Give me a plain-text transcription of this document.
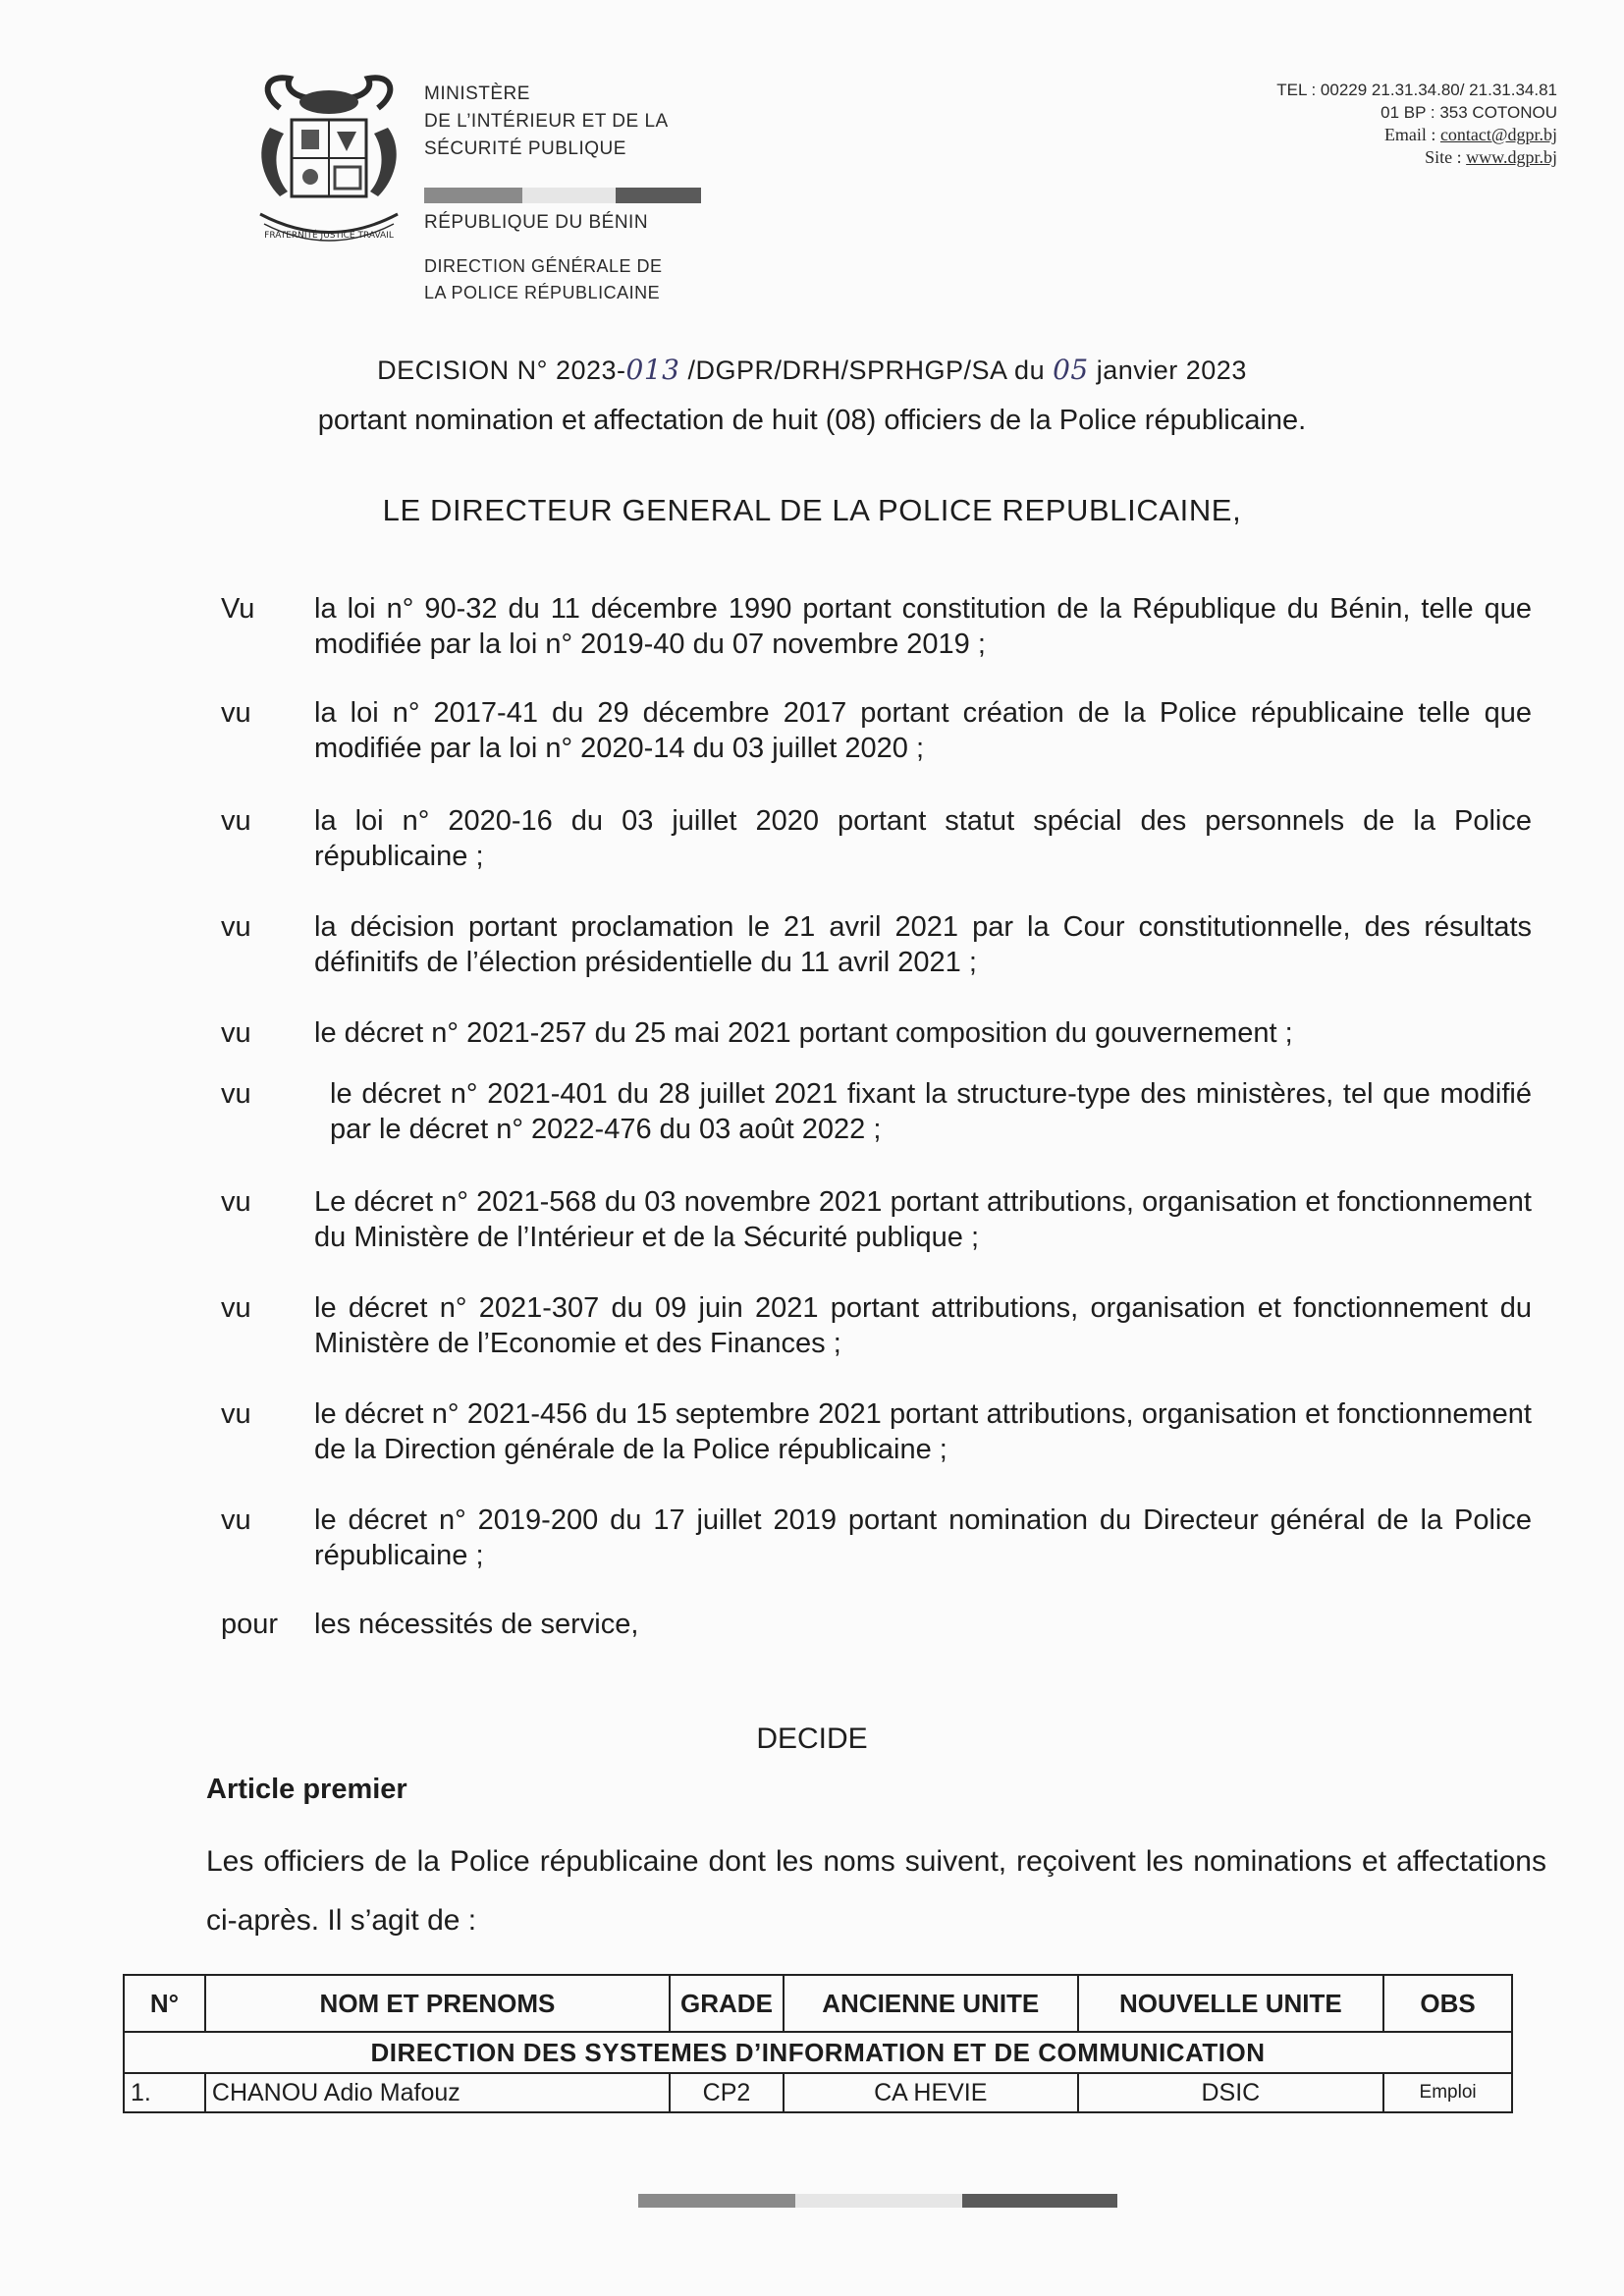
FRATERNITÉ JUSTICE TRAVAIL
MINISTÈRE
DE L’INTÉRIEUR ET DE LA
SÉCURITÉ PUBLIQUE
RÉPUBLIQUE DU BÉNIN
DIRECTION GÉNÉRALE DE
LA POLICE RÉPUBLICAINE
TEL : 00229 21.31.34.80/ 21.31.34.81
01 BP : 353 COTONOU
Email : contact@dgpr.bj
Site : www.dgpr.bj
DECISION N° 2023-013 /DGPR/DRH/SPRHGP/SA du 05 janvier 2023
portant nomination et affectation de huit (08) officiers de la Police républicaine.
LE DIRECTEUR GENERAL DE LA POLICE REPUBLICAINE,
Vu	la loi n° 90-32 du 11 décembre 1990 portant constitution de la République du Bénin, telle que modifiée par la loi n° 2019-40 du 07 novembre 2019 ;
vu	la loi n° 2017-41 du 29 décembre 2017 portant création de la Police républicaine telle que modifiée par la loi n° 2020-14 du 03 juillet 2020 ;
vu	la loi n° 2020-16 du 03 juillet 2020 portant statut spécial des personnels de la Police républicaine ;
vu	la décision portant proclamation le 21 avril 2021 par la Cour constitutionnelle, des résultats définitifs de l’élection présidentielle du 11 avril 2021 ;
vu	le décret n° 2021-257 du 25 mai 2021 portant composition du gouvernement ;
vu	le décret n° 2021-401 du 28 juillet 2021 fixant la structure-type des ministères, tel que modifié par le décret n° 2022-476 du 03 août 2022 ;
vu	Le décret n° 2021-568 du 03 novembre 2021 portant attributions, organisation et fonctionnement du Ministère de l’Intérieur et de la Sécurité publique ;
vu	le décret n° 2021-307 du 09 juin 2021 portant attributions, organisation et fonctionnement du Ministère de l’Economie et des Finances ;
vu	le décret n° 2021-456 du 15 septembre 2021 portant attributions, organisation et fonctionnement de la Direction générale de la Police républicaine ;
vu	le décret n° 2019-200 du 17 juillet 2019 portant nomination du Directeur général de la Police républicaine ;
pour	les nécessités de service,
DECIDE
Article premier
Les officiers de la Police républicaine dont les noms suivent, reçoivent les nominations et affectations ci-après. Il s’agit de :
N°	NOM ET PRENOMS	GRADE	ANCIENNE UNITE	NOUVELLE UNITE	OBS
DIRECTION DES SYSTEMES D’INFORMATION ET DE COMMUNICATION					
1.	CHANOU Adio Mafouz	CP2	CA HEVIE	DSIC	Emploi
